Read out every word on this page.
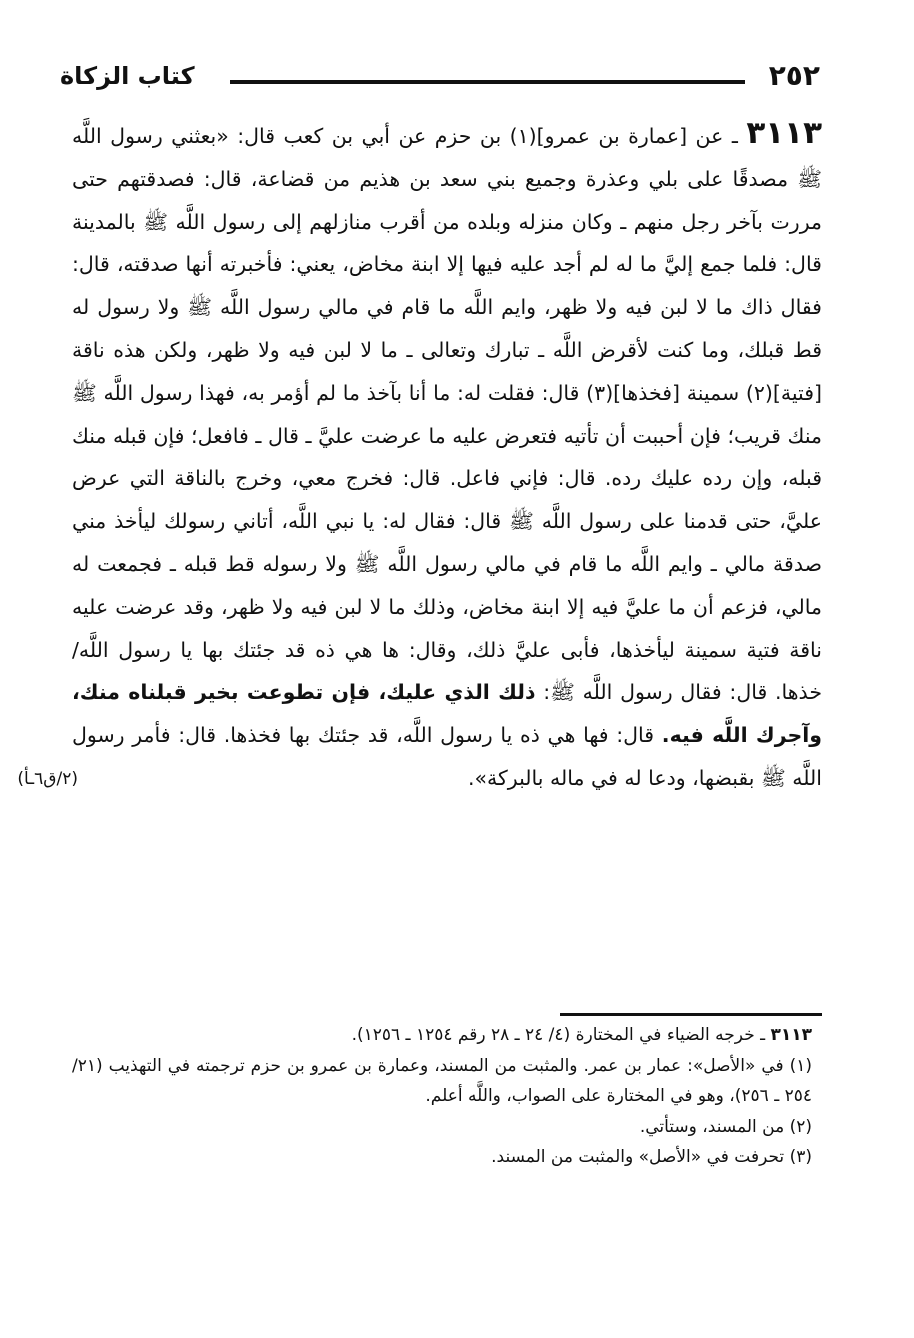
٢٥٢
كتاب الزكاة
٣١١٣ ـ عن [عمارة بن عمرو](١) بن حزم عن أبي بن كعب قال: «بعثني رسول اللَّه ﷺ مصدقًا على بلي وعذرة وجميع بني سعد بن هذيم من قضاعة، قال: فصدقتهم حتى مررت بآخر رجل منهم ـ وكان منزله وبلده من أقرب منازلهم إلى رسول اللَّه ﷺ بالمدينة قال: فلما جمع إليَّ ما له لم أجد عليه فيها إلا ابنة مخاض، يعني: فأخبرته أنها صدقته، قال: فقال ذاك ما لا لبن فيه ولا ظهر، وايم اللَّه ما قام في مالي رسول اللَّه ﷺ ولا رسول له قط قبلك، وما كنت لأقرض اللَّه ـ تبارك وتعالى ـ ما لا لبن فيه ولا ظهر، ولكن هذه ناقة [فتية](٢) سمينة [فخذها](٣) قال: فقلت له: ما أنا بآخذ ما لم أؤمر به، فهذا رسول اللَّه ﷺ منك قريب؛ فإن أحببت أن تأتيه فتعرض عليه ما عرضت عليَّ ـ قال ـ فافعل؛ فإن قبله منك قبله، وإن رده عليك رده. قال: فإني فاعل. قال: فخرج معي، وخرج بالناقة التي عرض عليَّ، حتى قدمنا على رسول اللَّه ﷺ قال: فقال له: يا نبي اللَّه، أتاني رسولك ليأخذ مني صدقة مالي ـ وايم اللَّه ما قام في مالي رسول اللَّه ﷺ ولا رسوله قط قبله ـ فجمعت له مالي، فزعم أن ما عليَّ فيه إلا ابنة مخاض، وذلك ما لا لبن فيه ولا ظهر، وقد عرضت عليه ناقة فتية سمينة ليأخذها، فأبى عليَّ ذلك، وقال: ها هي ذه قد جئتك بها يا رسول اللَّه/ خذها. قال: فقال رسول اللَّه ﷺ: ذلك الذي عليك، فإن تطوعت بخير قبلناه منك، وآجرك اللَّه فيه. قال: فها هي ذه يا رسول اللَّه، قد جئتك بها فخذها. قال: فأمر رسول اللَّه ﷺ بقبضها، ودعا له في ماله بالبركة».
(٢/ق٦ـأ)

٣١١٣ ـ خرجه الضياء في المختارة (٤/ ٢٤ ـ ٢٨ رقم ١٢٥٤ ـ ١٢٥٦).

(١) في «الأصل»: عمار بن عمر. والمثبت من المسند، وعمارة بن عمرو بن حزم ترجمته في التهذيب (٢١/ ٢٥٤ ـ ٢٥٦)، وهو في المختارة على الصواب، واللَّه أعلم.

(٢) من المسند، وستأتي.

(٣) تحرفت في «الأصل» والمثبت من المسند.
